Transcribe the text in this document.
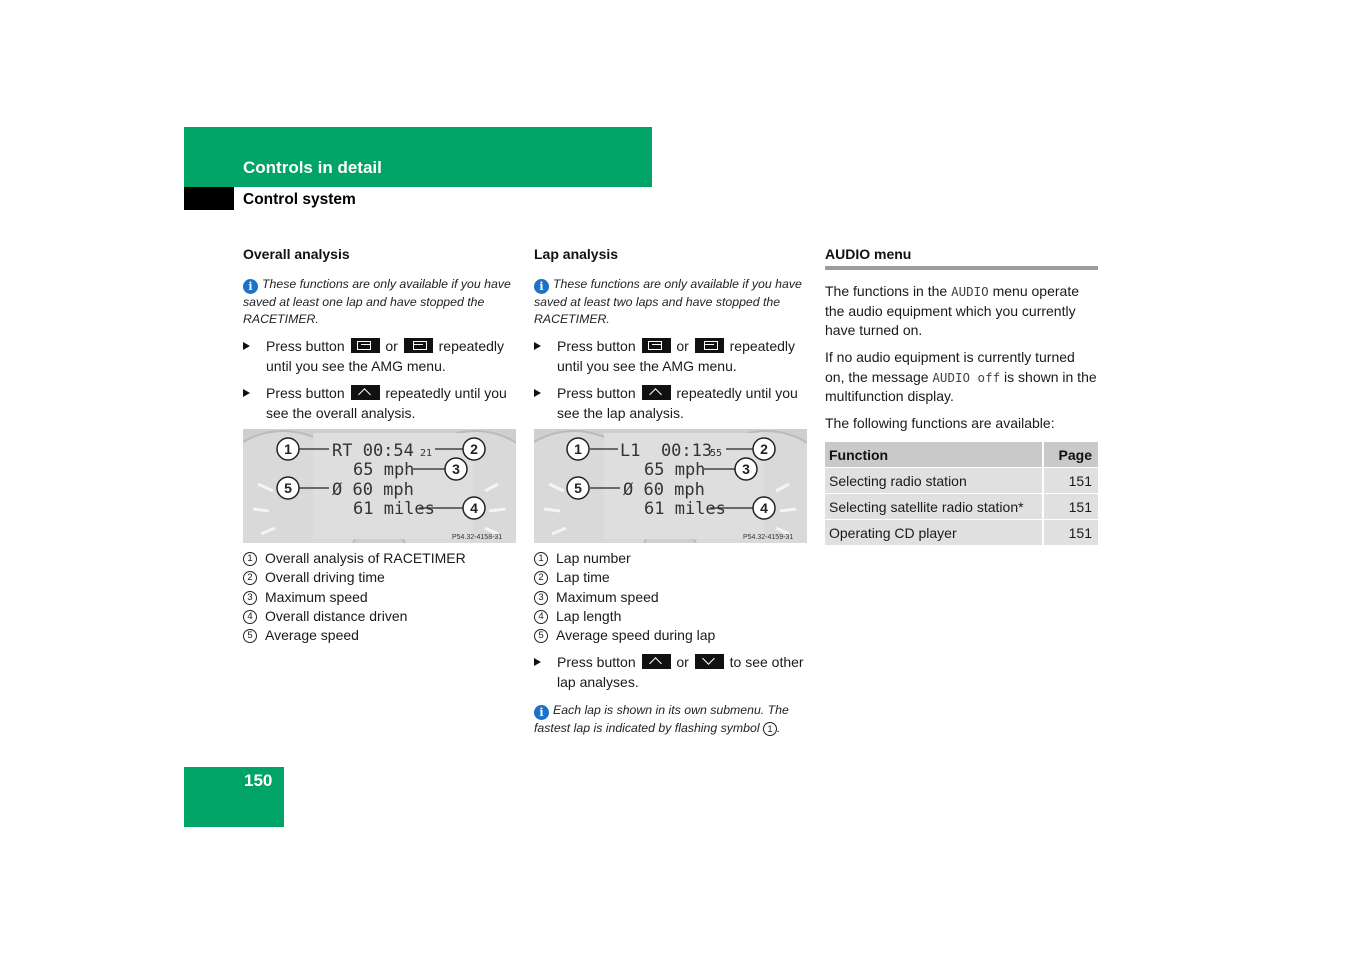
Controls in detail
Control system
Overall analysis
i These functions are only available if you have saved at least one lap and have stopped the RACETIMER.
Press button	or	repeatedly
until you see the AMG menu.
Press button	repeatedly until you
see the overall analysis.
RT 00:54 21
65 mph
Ø 60 mph
61 miles
1	2
3
4
5
P54.32-4158-31
1 Overall analysis of RACETIMER
2 Overall driving time
3 Maximum speed
4 Overall distance driven
5 Average speed
Lap analysis
i These functions are only available if you have saved at least two laps and have stopped the RACETIMER.
Press button	or	repeatedly
until you see the AMG menu.
Press button	repeatedly until you
see the lap analysis.
L1  00:13
55
65 mph
Ø 60 mph
61 miles
1	2
3
4
5
P54.32-4159-31
1 Lap number
2 Lap time
3 Maximum speed
4 Lap length
5 Average speed during lap
Press button	or	to see other
lap analyses.
i Each lap is shown in its own submenu. The
fastest lap is indicated by flashing symbol 1 .
AUDIO menu
The functions in the AUDIO menu operate
the audio equipment which you currently
have turned on.
If no audio equipment is currently turned
on, the message AUDIO off is shown in the
multifunction display.
The following functions are available:
Function	Page
Selecting radio station	151
Selecting satellite radio station*	151
Operating CD player	151
150
